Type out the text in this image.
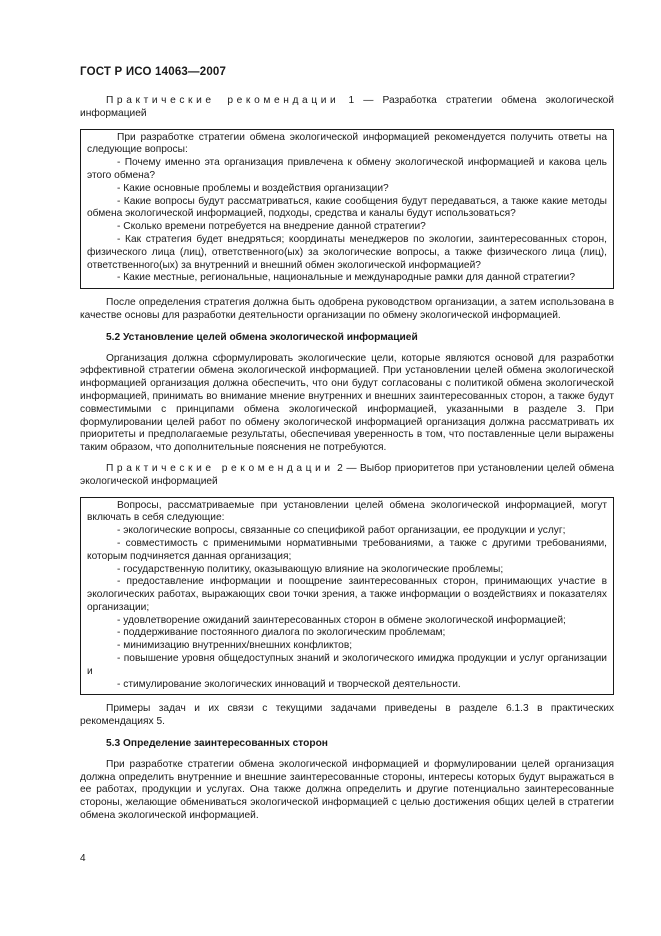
ГОСТ Р ИСО 14063—2007

Практические рекомендации 1 — Разработка стратегии обмена экологической информацией

При разработке стратегии обмена экологической информацией рекомендуется получить ответы на следующие вопросы:

- Почему именно эта организация привлечена к обмену экологической информацией и какова цель этого обмена?

- Какие основные проблемы и воздействия организации?

- Какие вопросы будут рассматриваться, какие сообщения будут передаваться, а также какие методы обмена экологической информацией, подходы, средства и каналы будут использоваться?

- Сколько времени потребуется на внедрение данной стратегии?

- Как стратегия будет внедряться; координаты менеджеров по экологии, заинтересованных сторон, физического лица (лиц), ответственного(ых) за экологические вопросы, а также физического лица (лиц), ответственного(ых) за внутренний и внешний обмен экологической информацией?

- Какие местные, региональные, национальные и международные рамки для данной стратегии?

После определения стратегия должна быть одобрена руководством организации, а затем использована в качестве основы для разработки деятельности организации по обмену экологической информацией.

5.2 Установление целей обмена экологической информацией

Организация должна сформулировать экологические цели, которые являются основой для разработки эффективной стратегии обмена экологической информацией. При установлении целей обмена экологической информацией организация должна обеспечить, что они будут согласованы с политикой обмена экологической информацией, принимать во внимание мнение внутренних и внешних заинтересованных сторон, а также будут совместимыми с принципами обмена экологической информацией, указанными в разделе 3. При формулировании целей работ по обмену экологической информацией организация должна рассматривать их приоритеты и предполагаемые результаты, обеспечивая уверенность в том, что поставленные цели выражены таким образом, что дополнительные пояснения не потребуются.

Практические рекомендации 2 — Выбор приоритетов при установлении целей обмена экологической информацией

Вопросы, рассматриваемые при установлении целей обмена экологической информацией, могут включать в себя следующие:

- экологические вопросы, связанные со спецификой работ организации, ее продукции и услуг;

- совместимость с применимыми нормативными требованиями, а также с другими требованиями, которым подчиняется данная организация;

- государственную политику, оказывающую влияние на экологические проблемы;

- предоставление информации и поощрение заинтересованных сторон, принимающих участие в экологических работах, выражающих свои точки зрения, а также информации о воздействиях и показателях организации;

- удовлетворение ожиданий заинтересованных сторон в обмене экологической информацией;

- поддерживание постоянного диалога по экологическим проблемам;

- минимизацию внутренних/внешних конфликтов;

- повышение уровня общедоступных знаний и экологического имиджа продукции и услуг организации и

- стимулирование экологических инноваций и творческой деятельности.

Примеры задач и их связи с текущими задачами приведены в разделе 6.1.3 в практических рекомендациях 5.

5.3 Определение заинтересованных сторон

При разработке стратегии обмена экологической информацией и формулировании целей организация должна определить внутренние и внешние заинтересованные стороны, интересы которых будут выражаться в ее работах, продукции и услугах. Она также должна определить и другие потенциально заинтересованные стороны, желающие обмениваться экологической информацией с целью достижения общих целей в стратегии обмена экологической информацией.

4
